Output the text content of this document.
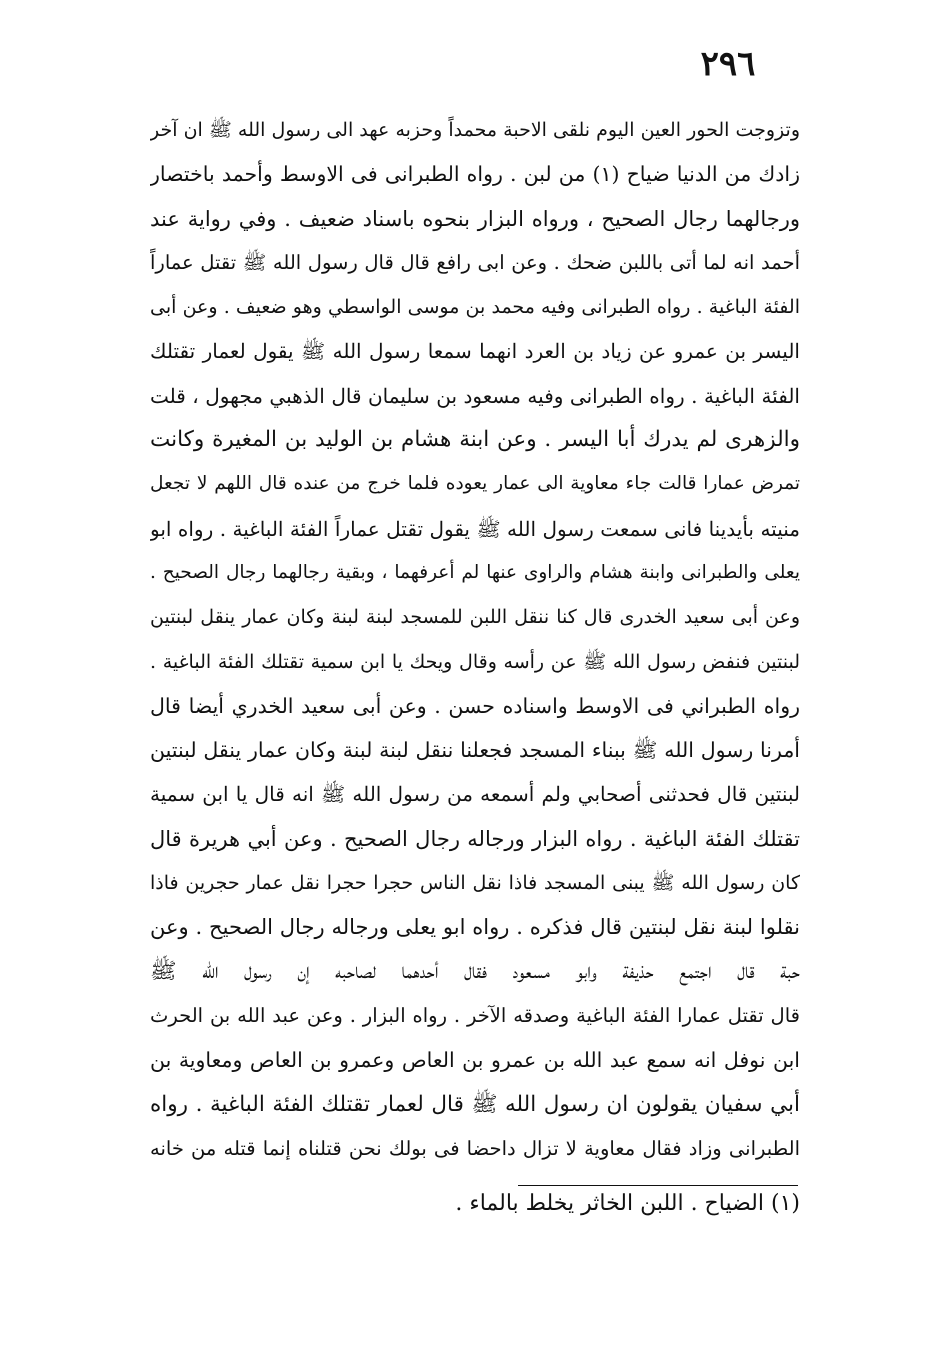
٢٩٦
وتزوجت الحور العين اليوم نلقى الاحبة محمداً وحزبه عهد الى رسول الله ﷺ ان آخر
زادك من الدنيا ضياح (١) من لبن . رواه الطبرانى فى الاوسط وأحمد باختصار
ورجالهما رجال الصحيح ، ورواه البزار بنحوه باسناد ضعيف . وفي رواية عند
أحمد انه لما أتى باللبن ضحك . وعن ابى رافع قال قال رسول الله ﷺ تقتل عماراً
الفئة الباغية . رواه الطبرانى وفيه محمد بن موسى الواسطي وهو ضعيف . وعن أبى
اليسر بن عمرو عن زياد بن العرد انهما سمعا رسول الله ﷺ يقول لعمار تقتلك
الفئة الباغية . رواه الطبرانى وفيه مسعود بن سليمان قال الذهبي مجهول ، قلت
والزهرى لم يدرك أبا اليسر . وعن ابنة هشام بن الوليد بن المغيرة وكانت
تمرض عمارا قالت جاء معاوية الى عمار يعوده فلما خرج من عنده قال اللهم لا تجعل
منيته بأيدينا فانى سمعت رسول الله ﷺ يقول تقتل عماراً الفئة الباغية . رواه ابو
يعلى والطبرانى وابنة هشام والراوى عنها لم أعرفهما ، وبقية رجالهما رجال الصحيح .
وعن أبى سعيد الخدرى قال كنا ننقل اللبن للمسجد لبنة لبنة وكان عمار ينقل لبنتين
لبنتين فنفض رسول الله ﷺ عن رأسه وقال ويحك يا ابن سمية تقتلك الفئة الباغية .
رواه الطبراني فى الاوسط واسناده حسن . وعن أبى سعيد الخدري أيضا قال
أمرنا رسول الله ﷺ ببناء المسجد فجعلنا ننقل لبنة لبنة وكان عمار ينقل لبنتين
لبنتين قال فحدثنى أصحابي ولم أسمعه من رسول الله ﷺ انه قال يا ابن سمية
تقتلك الفئة الباغية . رواه البزار ورجاله رجال الصحيح . وعن أبي هريرة قال
كان رسول الله ﷺ يبنى المسجد فاذا نقل الناس حجرا حجرا نقل عمار حجرين فاذا
نقلوا لبنة نقل لبنتين قال فذكره . رواه ابو يعلى ورجاله رجال الصحيح . وعن
حبة قال اجتمع حذيفة وابو مسعود فقال أحدهما لصاحبه إن رسول الله ﷺ
قال تقتل عمارا الفئة الباغية وصدقه الآخر . رواه البزار . وعن عبد الله بن الحرث
ابن نوفل انه سمع عبد الله بن عمرو بن العاص وعمرو بن العاص ومعاوية بن
أبي سفيان يقولون ان رسول الله ﷺ قال لعمار تقتلك الفئة الباغية . رواه
الطبرانى وزاد فقال معاوية لا تزال داحضا فى بولك نحن قتلناه إنما قتله من خانه
(١) الضياح . اللبن الخاثر يخلط بالماء .
